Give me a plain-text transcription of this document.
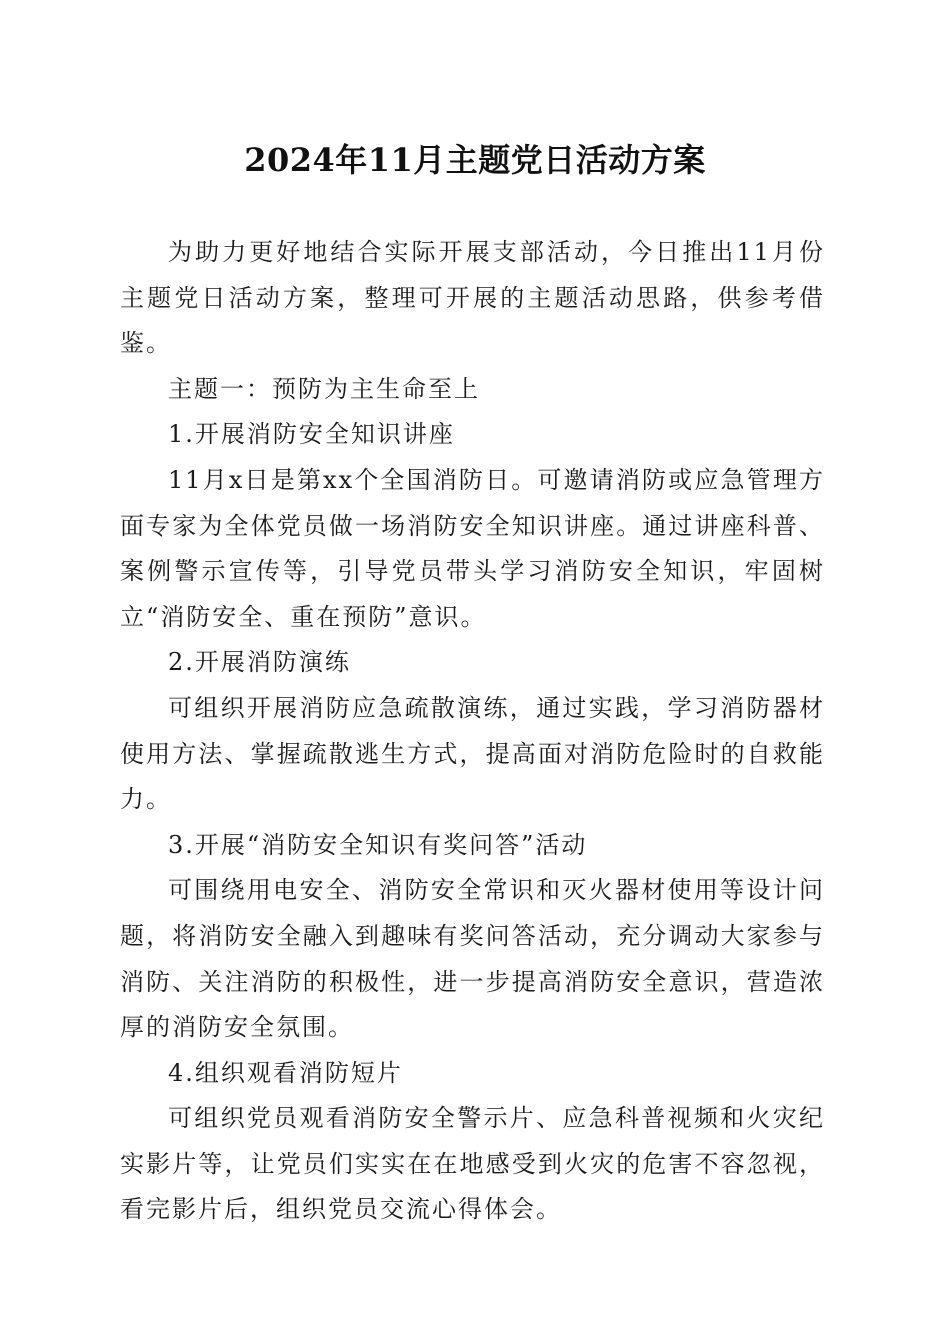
2024年11月主题党日活动方案

为助力更好地结合实际开展支部活动，今日推出11月份主题党日活动方案，整理可开展的主题活动思路，供参考借鉴。

主题一：预防为主生命至上

1.开展消防安全知识讲座

11月x日是第xx个全国消防日。可邀请消防或应急管理方面专家为全体党员做一场消防安全知识讲座。通过讲座科普、案例警示宣传等，引导党员带头学习消防安全知识，牢固树立“消防安全、重在预防”意识。

2.开展消防演练

可组织开展消防应急疏散演练，通过实践，学习消防器材使用方法、掌握疏散逃生方式，提高面对消防危险时的自救能力。

3.开展“消防安全知识有奖问答”活动

可围绕用电安全、消防安全常识和灭火器材使用等设计问题，将消防安全融入到趣味有奖问答活动，充分调动大家参与消防、关注消防的积极性，进一步提高消防安全意识，营造浓厚的消防安全氛围。

4.组织观看消防短片

可组织党员观看消防安全警示片、应急科普视频和火灾纪实影片等，让党员们实实在在地感受到火灾的危害不容忽视，看完影片后，组织党员交流心得体会。
